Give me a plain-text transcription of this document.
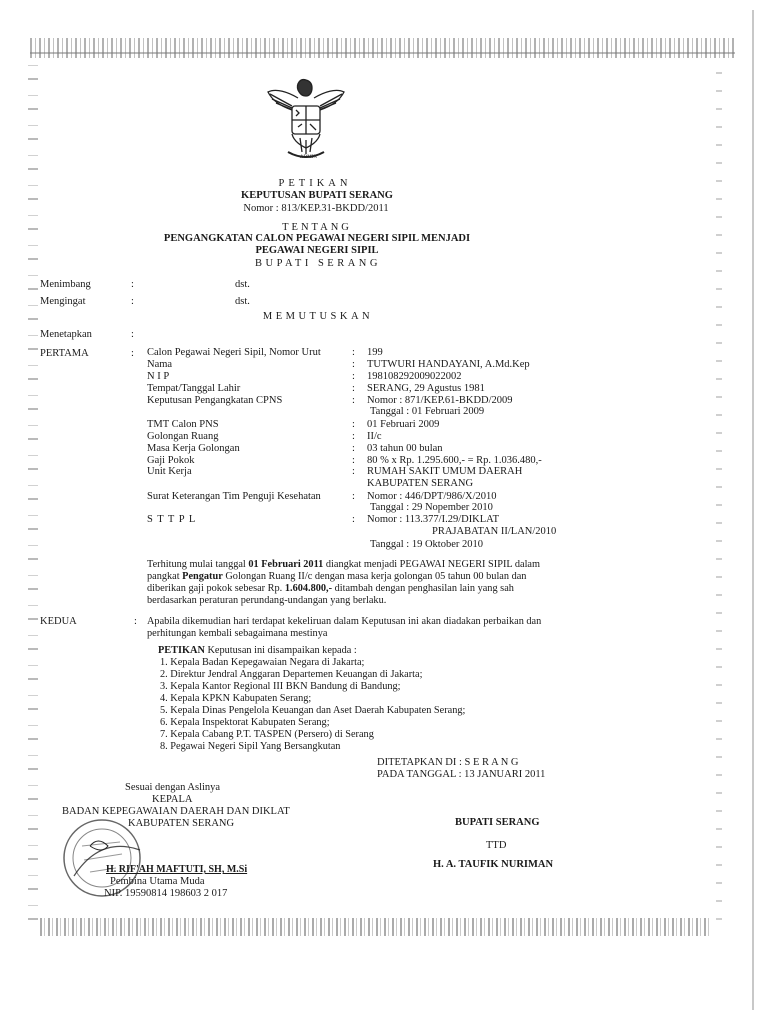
ADMIN
PETIKAN
KEPUTUSAN BUPATI SERANG
Nomor : 813/KEP.31-BKDD/2011
TENTANG
PENGANGKATAN CALON PEGAWAI NEGERI SIPIL MENJADI
PEGAWAI NEGERI SIPIL
BUPATI SERANG
Menimbang	:	dst.
Mengingat	:	dst.
MEMUTUSKAN
Menetapkan	:
PERTAMA	: Calon Pegawai Negeri Sipil, Nomor Urut	: 199
Nama	: TUTWURI HANDAYANI, A.Md.Kep
N I P	: 198108292009022002
Tempat/Tanggal Lahir	: SERANG, 29 Agustus 1981
Keputusan Pengangkatan CPNS	: Nomor : 871/KEP.61-BKDD/2009
Tanggal : 01 Februari 2009
TMT Calon PNS	: 01 Februari 2009
Golongan Ruang	: II/c
Masa Kerja Golongan	: 03 tahun 00 bulan
Gaji Pokok	: 80 % x Rp. 1.295.600,- = Rp. 1.036.480,-
Unit Kerja	: RUMAH SAKIT UMUM DAERAH
KABUPATEN SERANG
Surat Keterangan Tim Penguji Kesehatan	: Nomor : 446/DPT/986/X/2010
Tanggal : 29 Nopember 2010
S T T P L	: Nomor : 113.377/I.29/DIKLAT
PRAJABATAN II/LAN/2010
Tanggal : 19 Oktober 2010
Terhitung mulai tanggal 01 Februari 2011 diangkat menjadi PEGAWAI NEGERI SIPIL dalam
pangkat Pengatur Golongan Ruang II/c dengan masa kerja golongan 05 tahun 00 bulan dan
diberikan gaji pokok sebesar Rp. 1.604.800,- ditambah dengan penghasilan lain yang sah
berdasarkan peraturan perundang-undangan yang berlaku.
KEDUA	: Apabila dikemudian hari terdapat kekeliruan dalam Keputusan ini akan diadakan perbaikan dan
perhitungan kembali sebagaimana mestinya
PETIKAN Keputusan ini disampaikan kepada :
1. Kepala Badan Kepegawaian Negara di Jakarta;
2. Direktur Jendral Anggaran Departemen Keuangan di Jakarta;
3. Kepala Kantor Regional III BKN Bandung di Bandung;
4. Kepala KPKN Kabupaten Serang;
5. Kepala Dinas Pengelola Keuangan dan Aset Daerah Kabupaten Serang;
6. Kepala Inspektorat Kabupaten Serang;
7. Kepala Cabang P.T. TASPEN (Persero) di Serang
8. Pegawai Negeri Sipil Yang Bersangkutan
DITETAPKAN DI : S E R A N G
PADA TANGGAL : 13 JANUARI 2011
Sesuai dengan Aslinya
KEPALA
BADAN KEPEGAWAIAN DAERAH DAN DIKLAT
KABUPATEN SERANG	BUPATI SERANG
TTD
H. A. TAUFIK NURIMAN
H. RIF'AH MAFTUTI, SH, M.Si
Pembina Utama Muda
NIP. 19590814 198603 2 017
